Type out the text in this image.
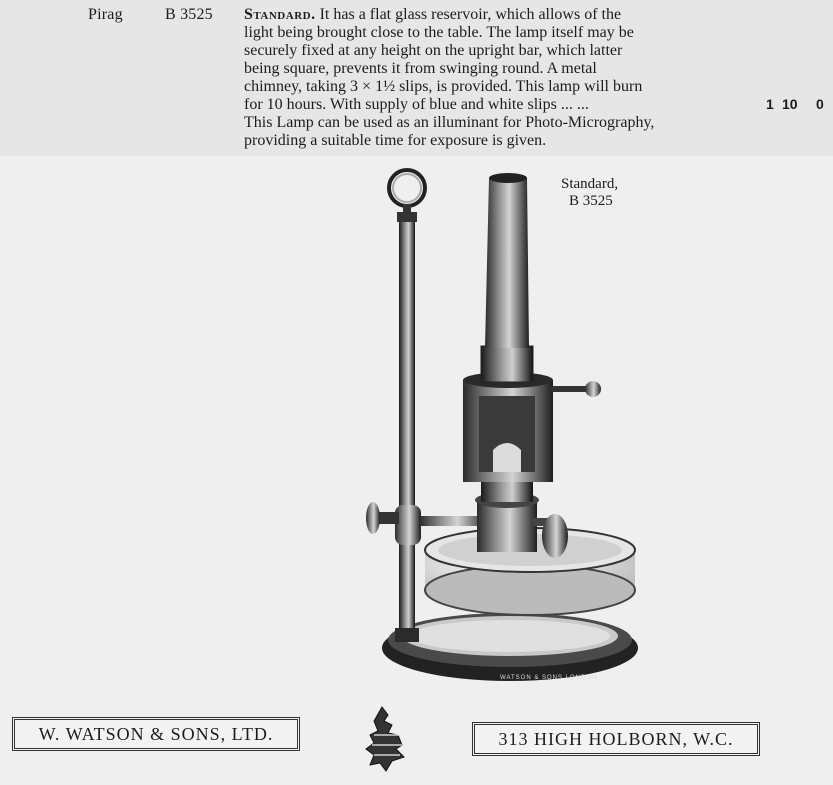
Pirag	B 3525 Standard. It has a flat glass reservoir, which allows of the
light being brought close to the table. The lamp itself may be
securely fixed at any height on the upright bar, which latter
being square, prevents it from swinging round. A metal
chimney, taking 3 × 1½ slips, is provided. This lamp will burn
for 10 hours. With supply of blue and white slips ... ...
This Lamp can be used as an illuminant for Photo-Micrography,
providing a suitable time for exposure is given.
1 10 0
Standard,
B 3525
WATSON & SONS LONDON
W. WATSON & SONS, LTD.	313 HIGH HOLBORN, W.C.
